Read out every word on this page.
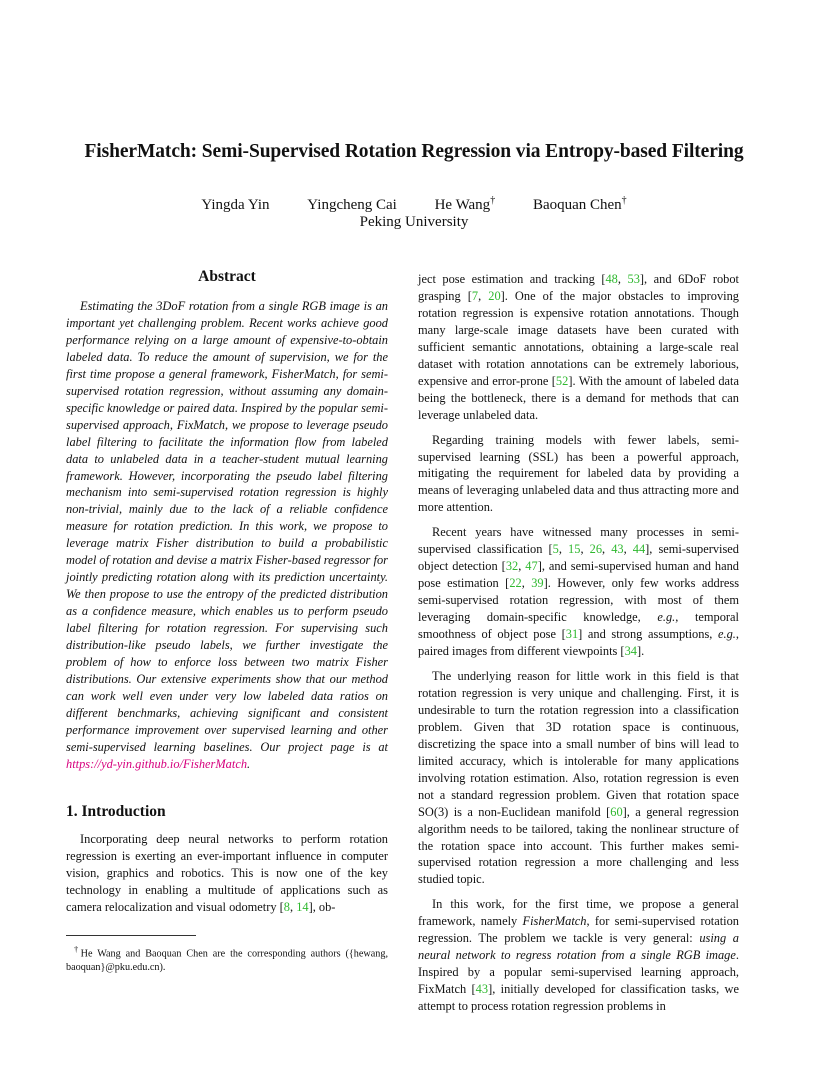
FisherMatch: Semi-Supervised Rotation Regression via Entropy-based Filtering
Yingda Yin	Yingcheng Cai	He Wang†	Baoquan Chen†
Peking University
Abstract

Estimating the 3DoF rotation from a single RGB image is an important yet challenging problem. Recent works achieve good performance relying on a large amount of expensive-to-obtain labeled data. To reduce the amount of supervision, we for the first time propose a general framework, FisherMatch, for semi-supervised rotation regression, without assuming any domain-specific knowledge or paired data. Inspired by the popular semi-supervised approach, FixMatch, we propose to leverage pseudo label filtering to facilitate the information flow from labeled data to unlabeled data in a teacher-student mutual learning framework. However, incorporating the pseudo label filtering mechanism into semi-supervised rotation regression is highly non-trivial, mainly due to the lack of a reliable confidence measure for rotation prediction. In this work, we propose to leverage matrix Fisher distribution to build a probabilistic model of rotation and devise a matrix Fisher-based regressor for jointly predicting rotation along with its prediction uncertainty. We then propose to use the entropy of the predicted distribution as a confidence measure, which enables us to perform pseudo label filtering for rotation regression. For supervising such distribution-like pseudo labels, we further investigate the problem of how to enforce loss between two matrix Fisher distributions. Our extensive experiments show that our method can work well even under very low labeled data ratios on different benchmarks, achieving significant and consistent performance improvement over supervised learning and other semi-supervised learning baselines. Our project page is at https://yd-yin.github.io/FisherMatch.

1. Introduction

Incorporating deep neural networks to perform rotation regression is exerting an ever-important influence in computer vision, graphics and robotics. This is now one of the key technology in enabling a multitude of applications such as camera relocalization and visual odometry [8, 14], ob-

†He Wang and Baoquan Chen are the corresponding authors ({hewang, baoquan}@pku.edu.cn).

ject pose estimation and tracking [48, 53], and 6DoF robot grasping [7, 20]. One of the major obstacles to improving rotation regression is expensive rotation annotations. Though many large-scale image datasets have been curated with sufficient semantic annotations, obtaining a large-scale real dataset with rotation annotations can be extremely laborious, expensive and error-prone [52]. With the amount of labeled data being the bottleneck, there is a demand for methods that can leverage unlabeled data.

Regarding training models with fewer labels, semi-supervised learning (SSL) has been a powerful approach, mitigating the requirement for labeled data by providing a means of leveraging unlabeled data and thus attracting more and more attention.

Recent years have witnessed many processes in semi-supervised classification [5, 15, 26, 43, 44], semi-supervised object detection [32, 47], and semi-supervised human and hand pose estimation [22, 39]. However, only few works address semi-supervised rotation regression, with most of them leveraging domain-specific knowledge, e.g., temporal smoothness of object pose [31] and strong assumptions, e.g., paired images from different viewpoints [34].

The underlying reason for little work in this field is that rotation regression is very unique and challenging. First, it is undesirable to turn the rotation regression into a classification problem. Given that 3D rotation space is continuous, discretizing the space into a small number of bins will lead to limited accuracy, which is intolerable for many applications involving rotation estimation. Also, rotation regression is even not a standard regression problem. Given that rotation space SO(3) is a non-Euclidean manifold [60], a general regression algorithm needs to be tailored, taking the nonlinear structure of the rotation space into account. This further makes semi-supervised rotation regression a more challenging and less studied topic.

In this work, for the first time, we propose a general framework, namely FisherMatch, for semi-supervised rotation regression. The problem we tackle is very general: using a neural network to regress rotation from a single RGB image. Inspired by a popular semi-supervised learning approach, FixMatch [43], initially developed for classification tasks, we attempt to process rotation regression problems in
